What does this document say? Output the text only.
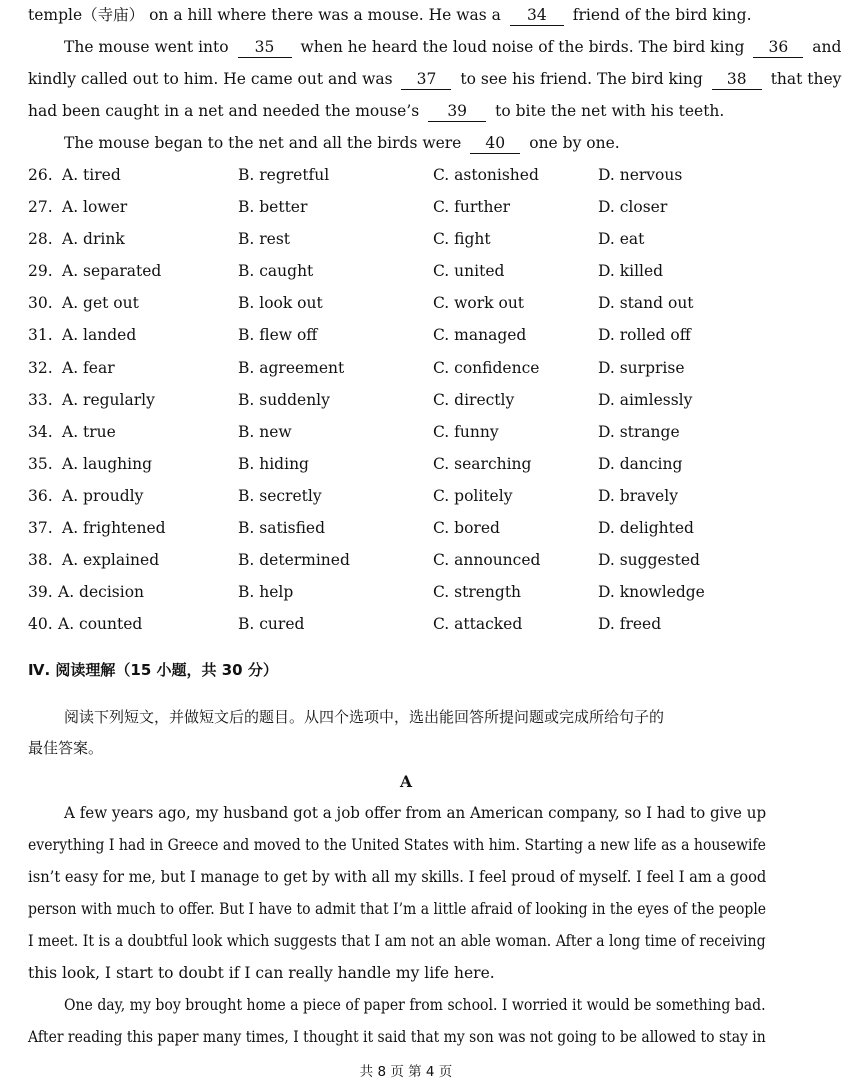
temple（寺庙） on a hill where there was a mouse. He was a 34 friend of the bird king.
The mouse went into 35 when he heard the loud noise of the birds. The bird king 36 and
kindly called out to him. He came out and was 37 to see his friend. The bird king 38 that they
had been caught in a net and needed the mouse’s 39 to bite the net with his teeth.
The mouse began to the net and all the birds were 40 one by one.
26. A. tired	B. regretful	C. astonished	D. nervous
27. A. lower	B. better	C. further	D. closer
28. A. drink	B. rest	C. fight	D. eat
29. A. separated	B. caught	C. united	D. killed
30. A. get out	B. look out	C. work out	D. stand out
31. A. landed	B. flew off	C. managed	D. rolled off
32. A. fear	B. agreement	C. confidence	D. surprise
33. A. regularly	B. suddenly	C. directly	D. aimlessly
34. A. true	B. new	C. funny	D. strange
35. A. laughing	B. hiding	C. searching	D. dancing
36. A. proudly	B. secretly	C. politely	D. bravely
37. A. frightened	B. satisfied	C. bored	D. delighted
38. A. explained	B. determined	C. announced	D. suggested
39. A. decision	B. help	C. strength	D. knowledge
40. A. counted	B. cured	C. attacked	D. freed
Ⅳ. 阅读理解（15 小题，共 30 分）
阅读下列短文，并做短文后的题目。从四个选项中，选出能回答所提问题或完成所给句子的
最佳答案。
A
A few years ago, my husband got a job offer from an American company, so I had to give up
everything I had in Greece and moved to the United States with him. Starting a new life as a housewife
isn’t easy for me, but I manage to get by with all my skills. I feel proud of myself. I feel I am a good
person with much to offer. But I have to admit that I’m a little afraid of looking in the eyes of the people
I meet. It is a doubtful look which suggests that I am not an able woman. After a long time of receiving
this look, I start to doubt if I can really handle my life here.
One day, my boy brought home a piece of paper from school. I worried it would be something bad.
After reading this paper many times, I thought it said that my son was not going to be allowed to stay in
共 8 页 第 4 页
